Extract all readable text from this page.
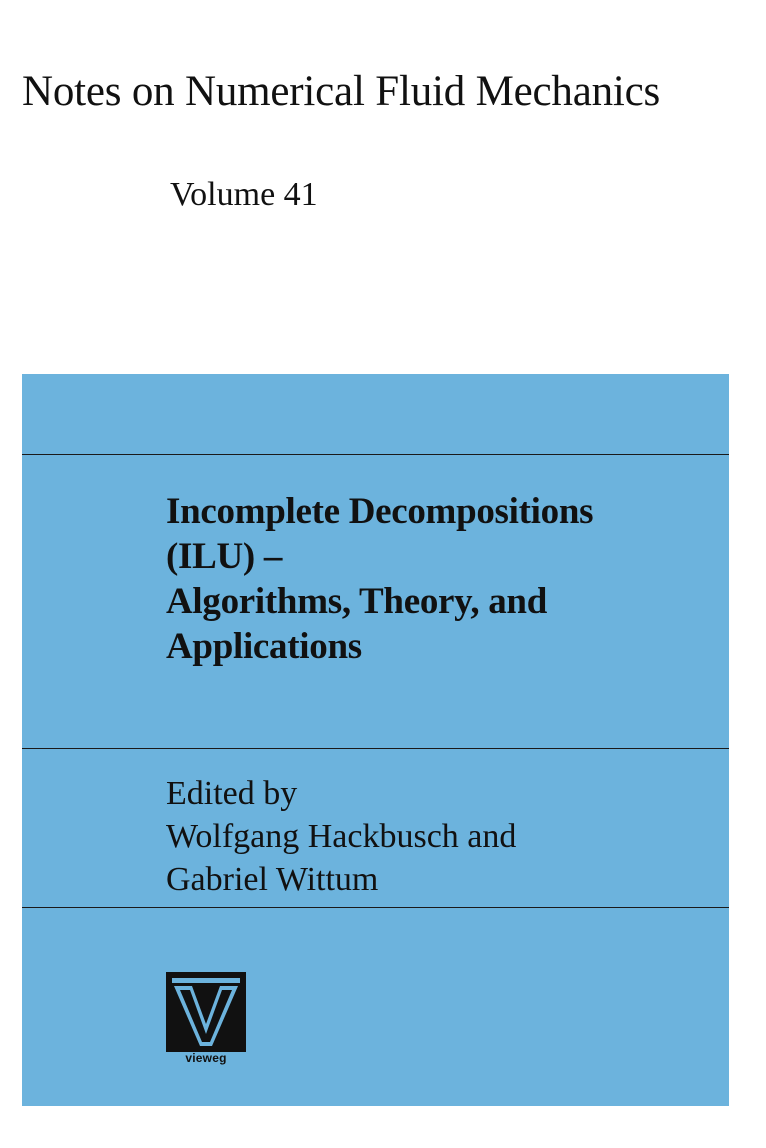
Notes on Numerical Fluid Mechanics
Volume 41
Incomplete Decompositions
(ILU) –
Algorithms, Theory, and
Applications
Edited by
Wolfgang Hackbusch and
Gabriel Wittum
vieweg
